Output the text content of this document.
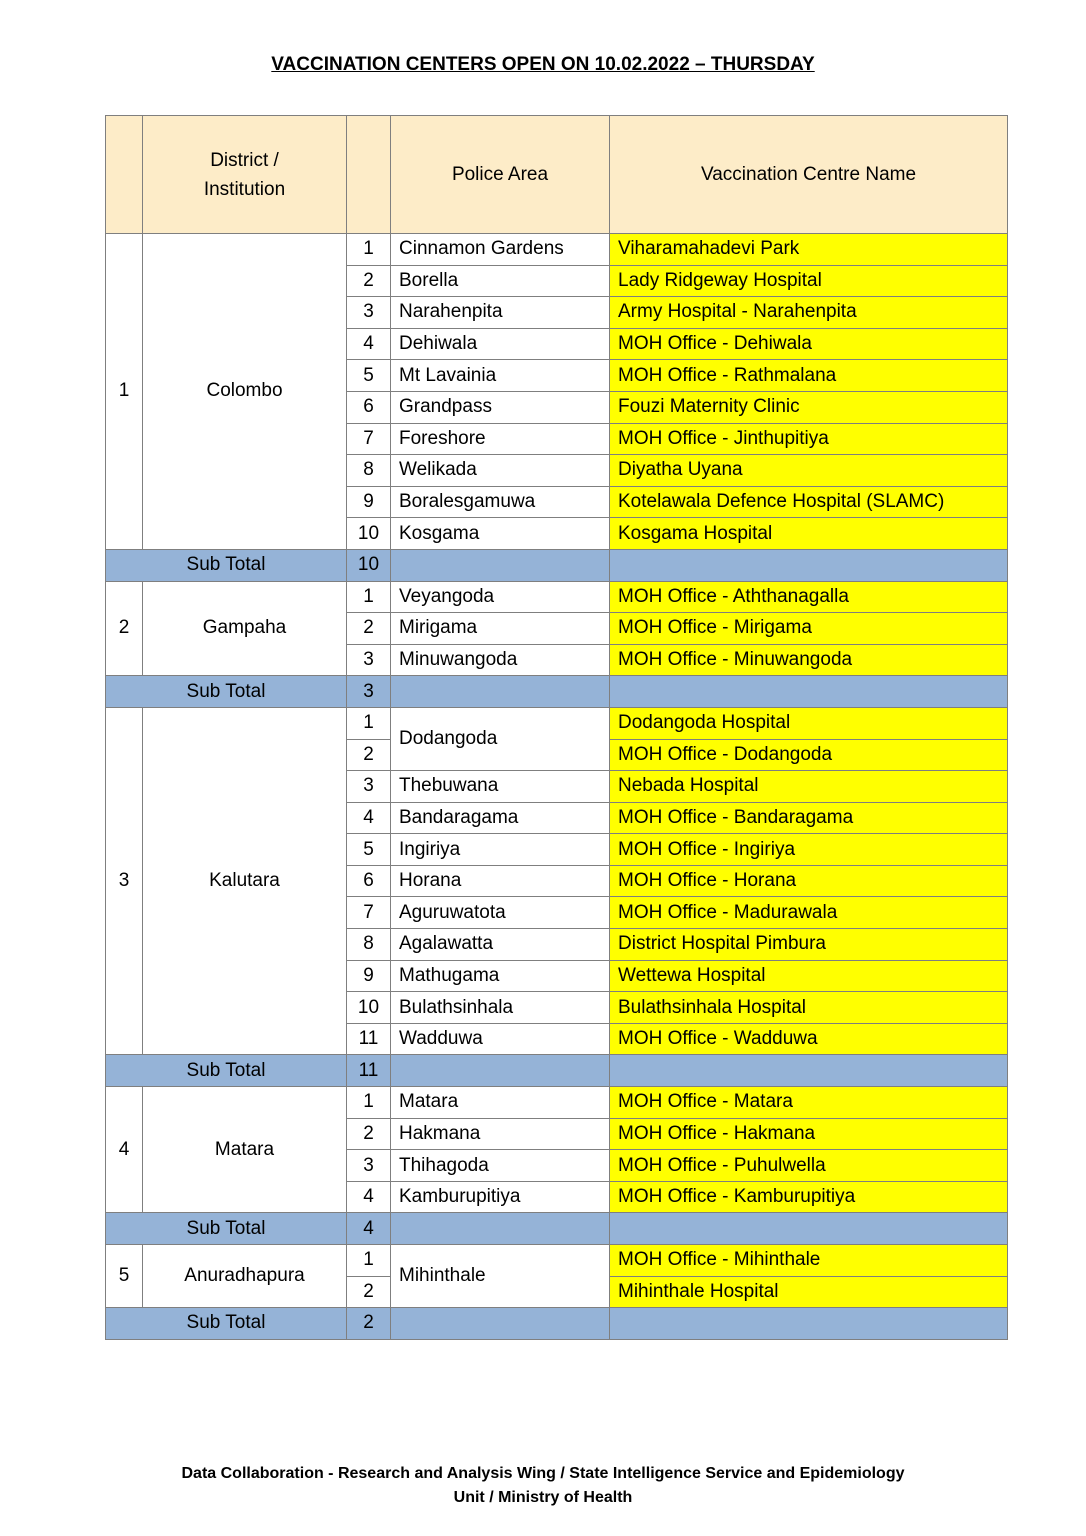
VACCINATION CENTERS OPEN ON 10.02.2022 – THURSDAY
	District / Institution		Police Area	Vaccination Centre Name
1	Colombo	1	Cinnamon Gardens	Viharamahadevi Park
		2	Borella	Lady Ridgeway Hospital
		3	Narahenpita	Army Hospital - Narahenpita
		4	Dehiwala	MOH Office - Dehiwala
		5	Mt Lavainia	MOH Office - Rathmalana
		6	Grandpass	Fouzi Maternity Clinic
		7	Foreshore	MOH Office - Jinthupitiya
		8	Welikada	Diyatha Uyana
		9	Boralesgamuwa	Kotelawala Defence Hospital (SLAMC)
		10	Kosgama	Kosgama Hospital
Sub Total		10		
2	Gampaha	1	Veyangoda	MOH Office - Aththanagalla
		2	Mirigama	MOH Office - Mirigama
		3	Minuwangoda	MOH Office - Minuwangoda
Sub Total		3		
3	Kalutara	1	Dodangoda	Dodangoda Hospital
		2		MOH Office - Dodangoda
		3	Thebuwana	Nebada Hospital
		4	Bandaragama	MOH Office - Bandaragama
		5	Ingiriya	MOH Office - Ingiriya
		6	Horana	MOH Office - Horana
		7	Aguruwatota	MOH Office - Madurawala
		8	Agalawatta	District Hospital Pimbura
		9	Mathugama	Wettewa Hospital
		10	Bulathsinhala	Bulathsinhala Hospital
		11	Wadduwa	MOH Office - Wadduwa
Sub Total		11		
4	Matara	1	Matara	MOH Office - Matara
		2	Hakmana	MOH Office - Hakmana
		3	Thihagoda	MOH Office - Puhulwella
		4	Kamburupitiya	MOH Office - Kamburupitiya
Sub Total		4		
5	Anuradhapura	1	Mihinthale	MOH Office - Mihinthale
		2		Mihinthale Hospital
Sub Total		2		
Data Collaboration - Research and Analysis Wing / State Intelligence Service and Epidemiology
Unit / Ministry of Health
